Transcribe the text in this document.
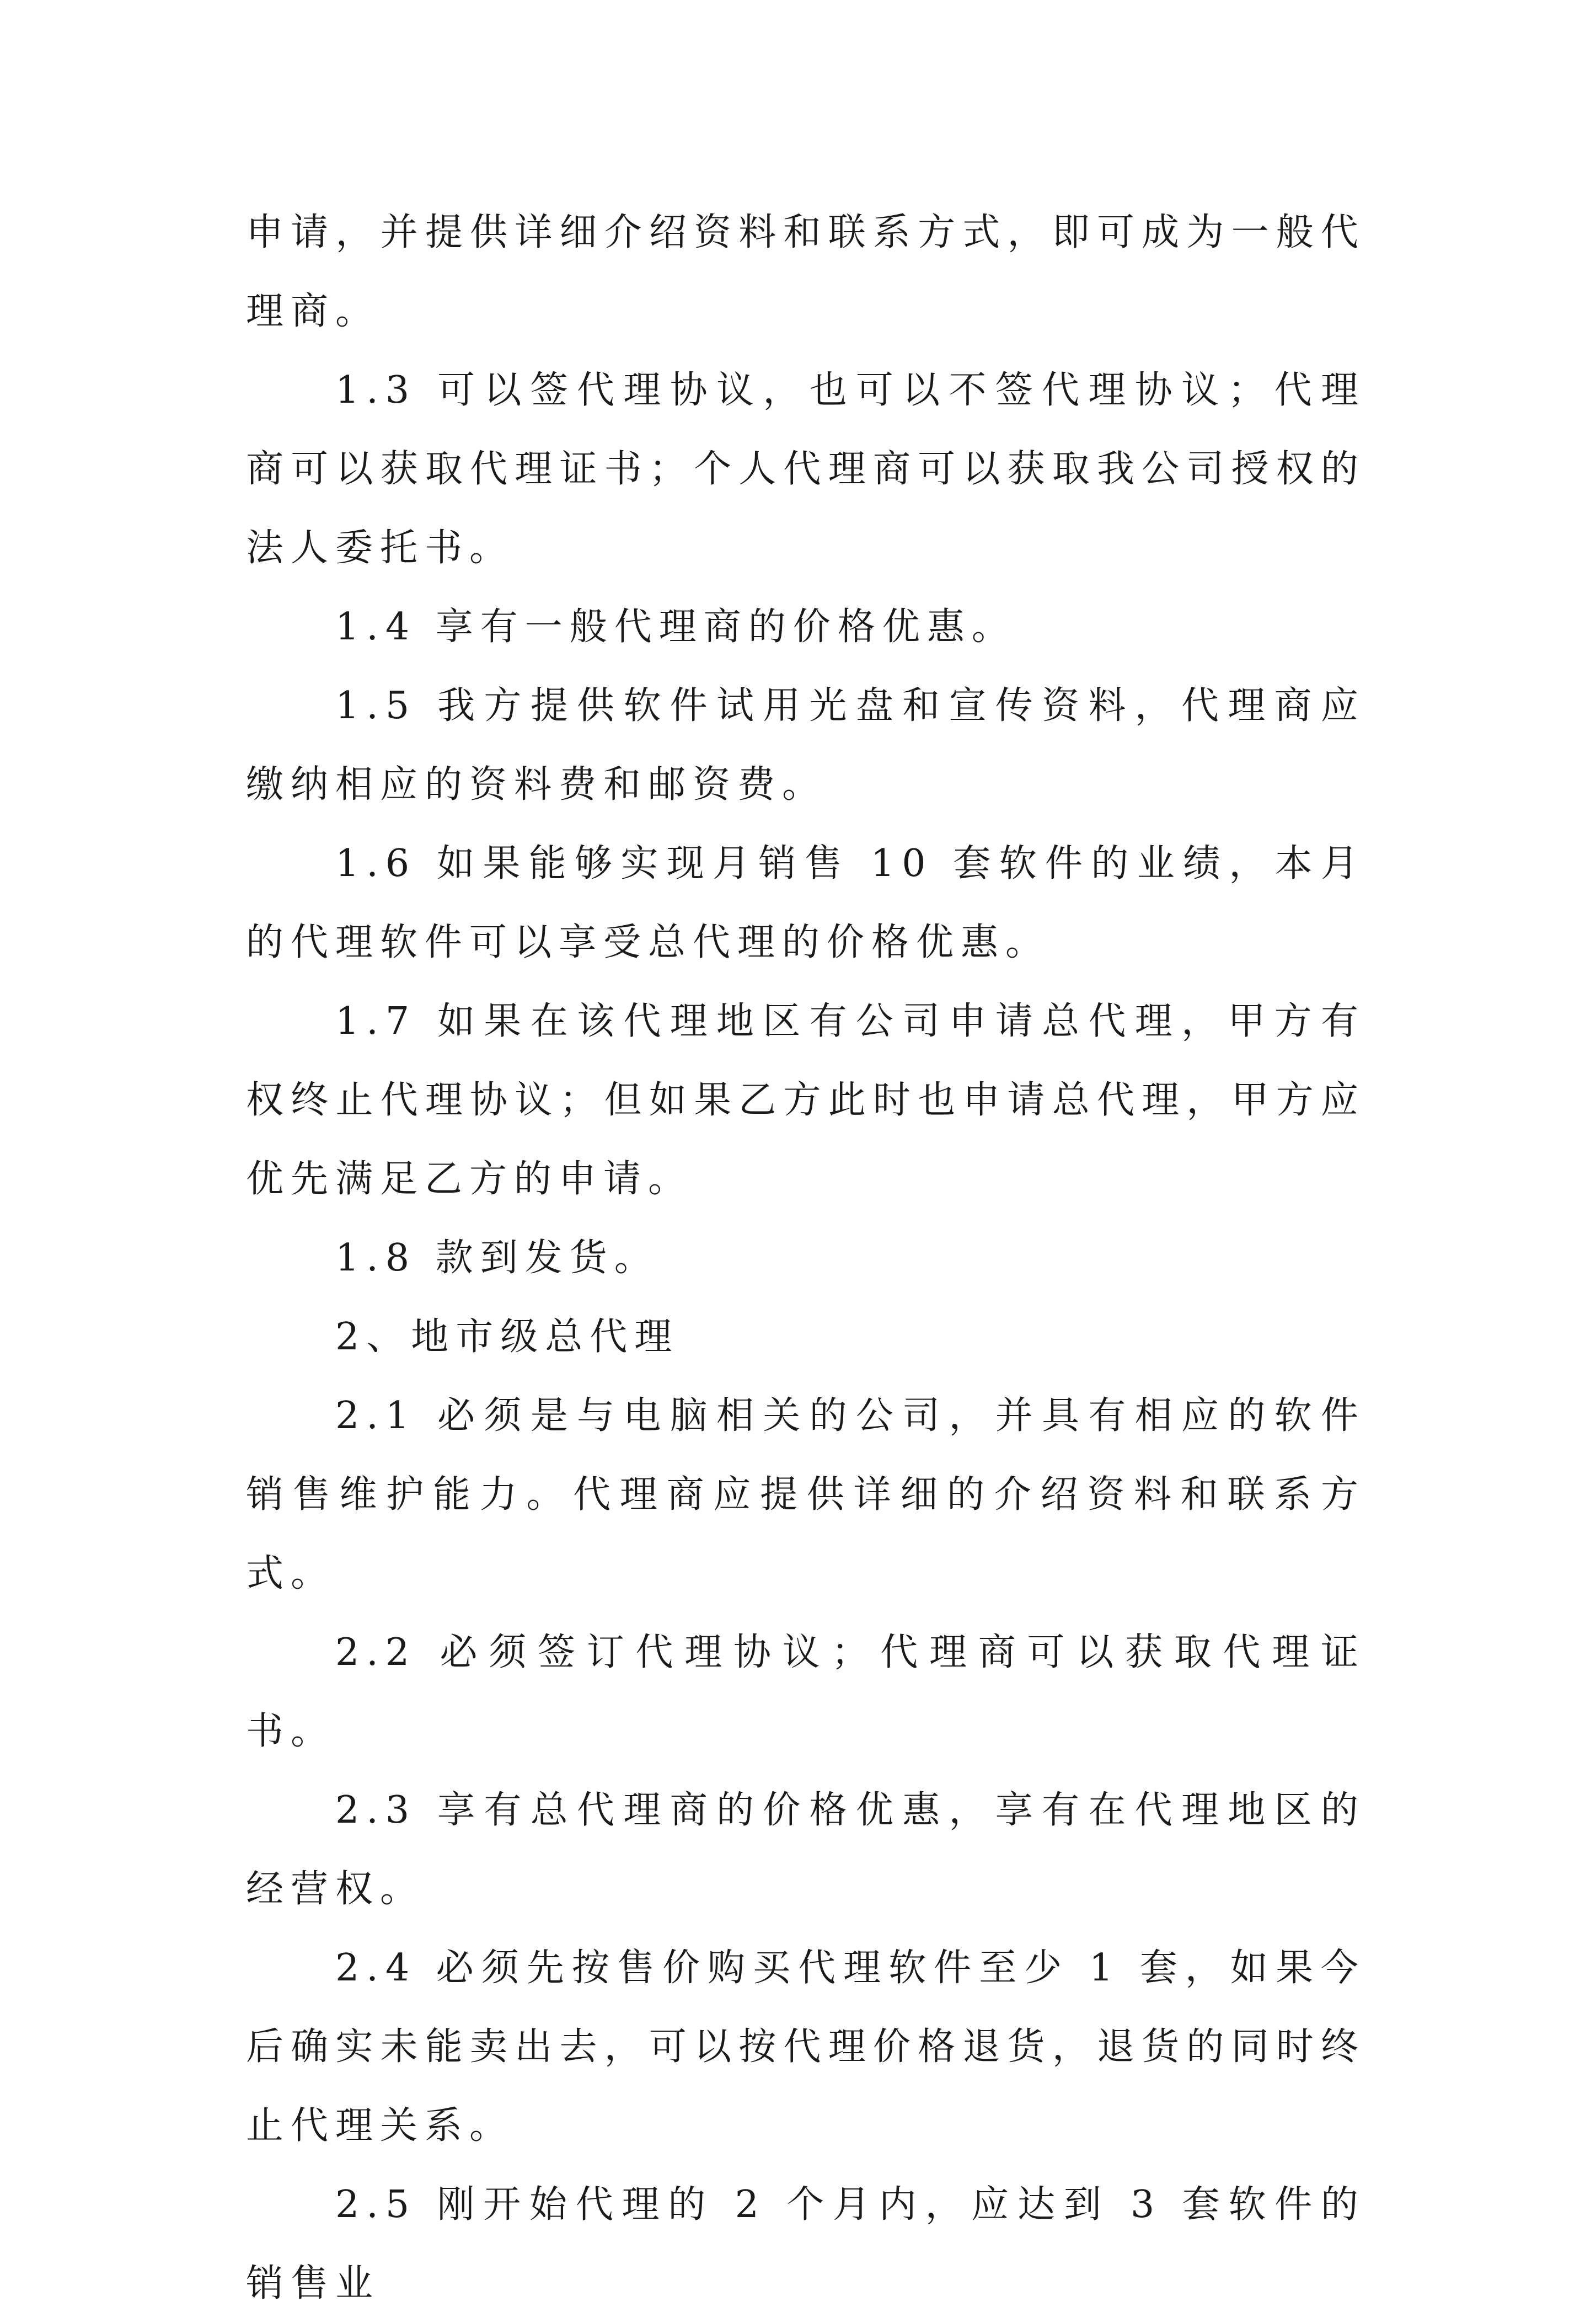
申请，并提供详细介绍资料和联系方式，即可成为一般代理商。

1.3 可以签代理协议，也可以不签代理协议；代理商可以获取代理证书；个人代理商可以获取我公司授权的法人委托书。

1.4 享有一般代理商的价格优惠。

1.5 我方提供软件试用光盘和宣传资料，代理商应缴纳相应的资料费和邮资费。

1.6 如果能够实现月销售 10 套软件的业绩，本月的代理软件可以享受总代理的价格优惠。

1.7 如果在该代理地区有公司申请总代理，甲方有权终止代理协议；但如果乙方此时也申请总代理，甲方应优先满足乙方的申请。

1.8 款到发货。

2、地市级总代理

2.1 必须是与电脑相关的公司，并具有相应的软件销售维护能力。代理商应提供详细的介绍资料和联系方式。

2.2 必须签订代理协议；代理商可以获取代理证书。

2.3 享有总代理商的价格优惠，享有在代理地区的经营权。

2.4 必须先按售价购买代理软件至少 1 套，如果今后确实未能卖出去，可以按代理价格退货，退货的同时终止代理关系。

2.5 刚开始代理的 2 个月内，应达到 3 套软件的销售业
